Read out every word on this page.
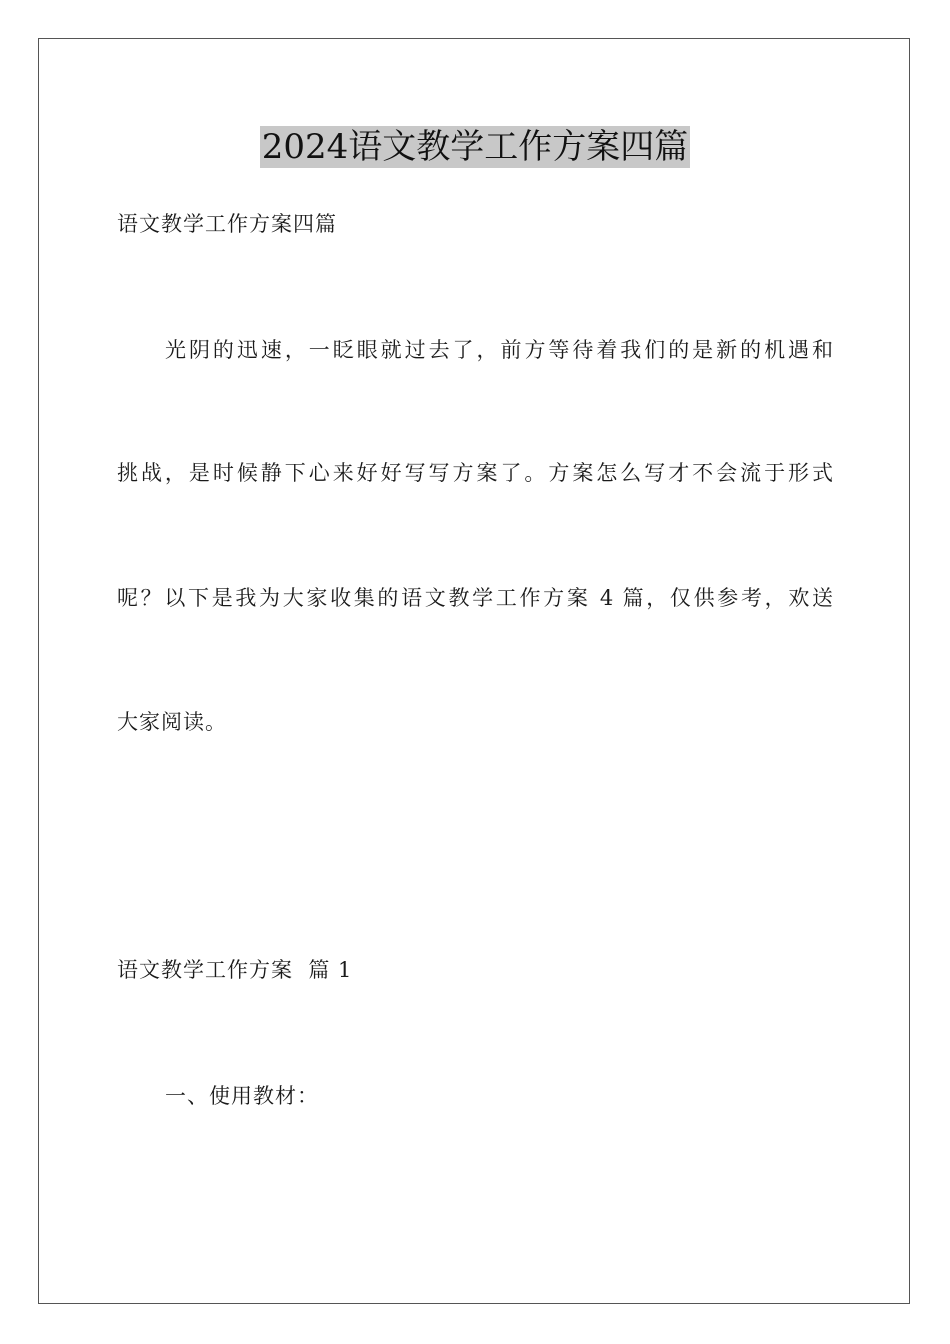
2024语文教学工作方案四篇
语文教学工作方案四篇
光阴的迅速，一眨眼就过去了，前方等待着我们的是新的机遇和
挑战，是时候静下心来好好写写方案了。方案怎么写才不会流于形式
呢？以下是我为大家收集的语文教学工作方案 4 篇，仅供参考，欢送
大家阅读。
语文教学工作方案  篇 1
一、使用教材：
